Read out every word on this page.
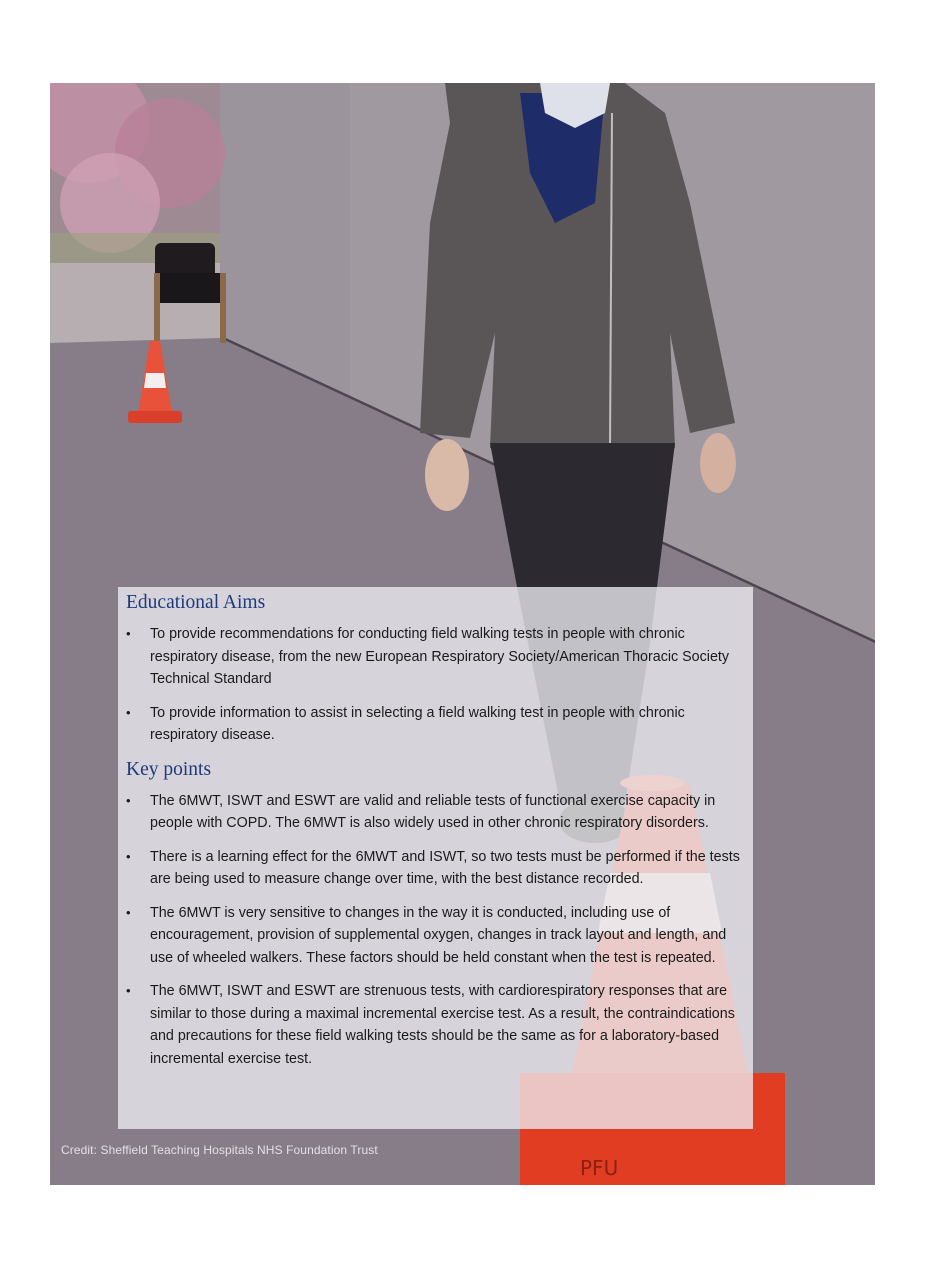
PFU
Educational Aims
•	To provide recommendations for conducting field walking tests in people with chronic respiratory disease, from the new European Respiratory Society/American Thoracic Society Technical Standard
•	To provide information to assist in selecting a field walking test in people with chronic respiratory disease.
Key points
•	The 6MWT, ISWT and ESWT are valid and reliable tests of functional exercise capacity in people with COPD. The 6MWT is also widely used in other chronic respiratory disorders.
•	There is a learning effect for the 6MWT and ISWT, so two tests must be performed if the tests are being used to measure change over time, with the best distance recorded.
•	The 6MWT is very sensitive to changes in the way it is conducted, including use of encouragement, provision of supplemental oxygen, changes in track layout and length, and use of wheeled walkers. These factors should be held constant when the test is repeated.
•	The 6MWT, ISWT and ESWT are strenuous tests, with cardiorespiratory responses that are similar to those during a maximal incremental exercise test. As a result, the contraindications and precautions for these field walking tests should be the same as for a laboratory-based incremental exercise test.
Credit: Sheffield Teaching Hospitals NHS Foundation Trust
